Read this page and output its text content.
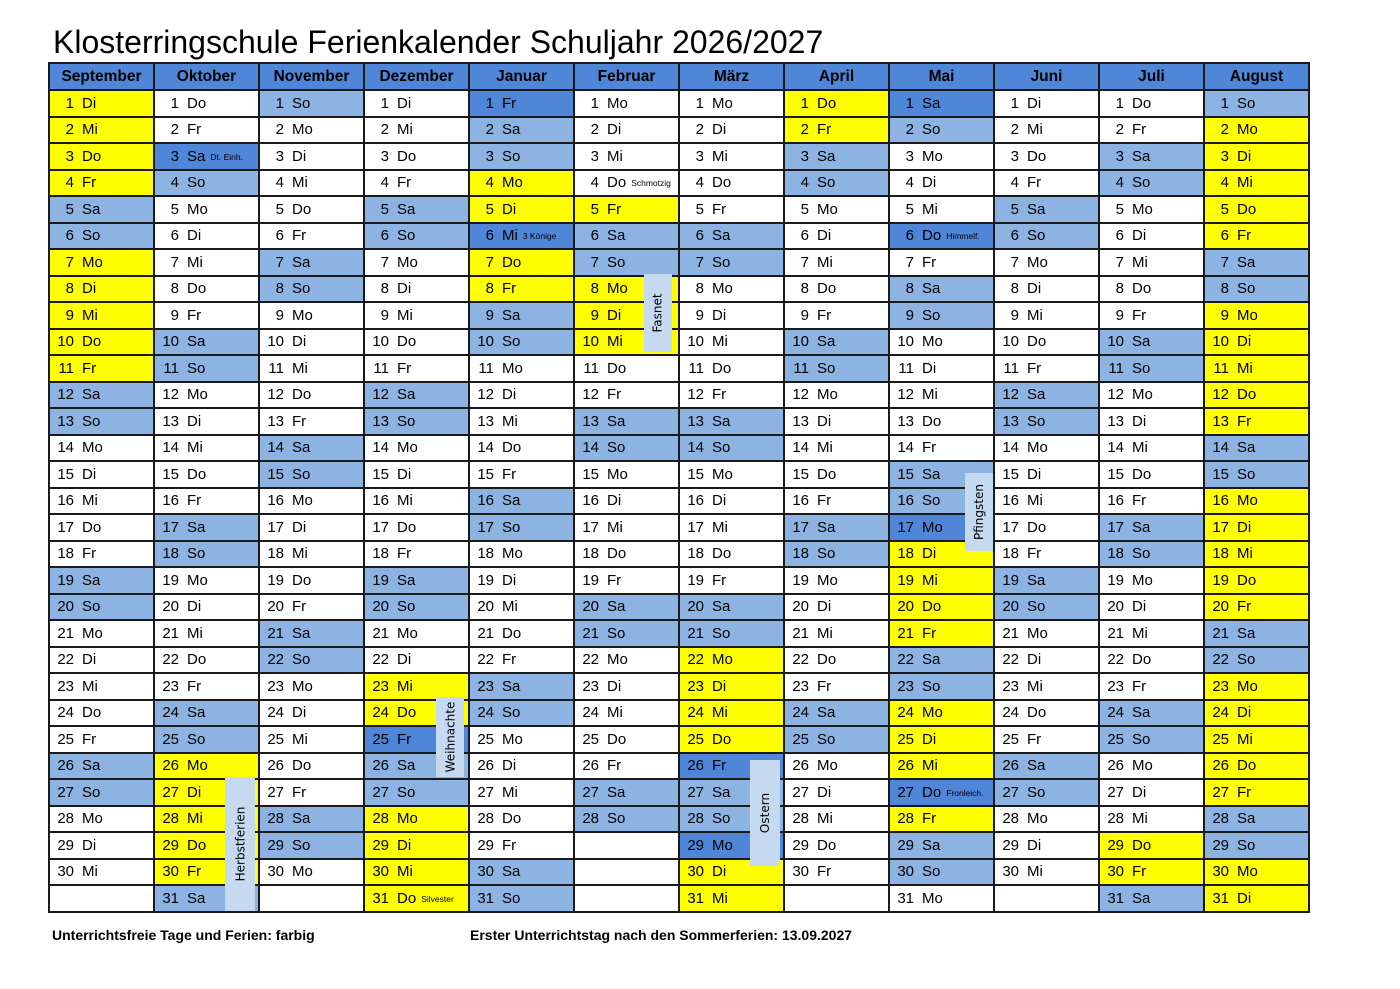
Klosterringschule Ferienkalender Schuljahr 2026/2027
September	Oktober	November	Dezember	Januar	Februar	März	April	Mai	Juni	Juli	August
1 Di	1 Do	1 So	1 Di	1 Fr	1 Mo	1 Mo	1 Do	1 Sa	1 Di	1 Do	1 So
2 Mi	2 Fr	2 Mo	2 Mi	2 Sa	2 Di	2 Di	2 Fr	2 So	2 Mi	2 Fr	2 Mo
3 Do	3 Sa Dt. Einh.	3 Di	3 Do	3 So	3 Mi	3 Mi	3 Sa	3 Mo	3 Do	3 Sa	3 Di
4 Fr	4 So	4 Mi	4 Fr	4 Mo	4 Do Schmotzig	4 Do	4 So	4 Di	4 Fr	4 So	4 Mi
5 Sa	5 Mo	5 Do	5 Sa	5 Di	5 Fr	5 Fr	5 Mo	5 Mi	5 Sa	5 Mo	5 Do
6 So	6 Di	6 Fr	6 So	6 Mi 3 Könige	6 Sa	6 Sa	6 Di	6 Do Himmelf.	6 So	6 Di	6 Fr
7 Mo	7 Mi	7 Sa	7 Mo	7 Do	7 So	7 So	7 Mi	7 Fr	7 Mo	7 Mi	7 Sa
8 Di	8 Do	8 So	8 Di	8 Fr	8 Mo	8 Mo	8 Do	8 Sa	8 Di	8 Do	8 So
9 Mi	9 Fr	9 Mo	9 Mi	9 Sa	9 Di	9 Di	9 Fr	9 So	9 Mi	9 Fr	9 Mo
10 Do	10 Sa	10 Di	10 Do	10 So	10 Mi	10 Mi	10 Sa	10 Mo	10 Do	10 Sa	10 Di
11 Fr	11 So	11 Mi	11 Fr	11 Mo	11 Do	11 Do	11 So	11 Di	11 Fr	11 So	11 Mi
12 Sa	12 Mo	12 Do	12 Sa	12 Di	12 Fr	12 Fr	12 Mo	12 Mi	12 Sa	12 Mo	12 Do
13 So	13 Di	13 Fr	13 So	13 Mi	13 Sa	13 Sa	13 Di	13 Do	13 So	13 Di	13 Fr
14 Mo	14 Mi	14 Sa	14 Mo	14 Do	14 So	14 So	14 Mi	14 Fr	14 Mo	14 Mi	14 Sa
15 Di	15 Do	15 So	15 Di	15 Fr	15 Mo	15 Mo	15 Do	15 Sa	15 Di	15 Do	15 So
16 Mi	16 Fr	16 Mo	16 Mi	16 Sa	16 Di	16 Di	16 Fr	16 So	16 Mi	16 Fr	16 Mo
17 Do	17 Sa	17 Di	17 Do	17 So	17 Mi	17 Mi	17 Sa	17 Mo	17 Do	17 Sa	17 Di
18 Fr	18 So	18 Mi	18 Fr	18 Mo	18 Do	18 Do	18 So	18 Di	18 Fr	18 So	18 Mi
19 Sa	19 Mo	19 Do	19 Sa	19 Di	19 Fr	19 Fr	19 Mo	19 Mi	19 Sa	19 Mo	19 Do
20 So	20 Di	20 Fr	20 So	20 Mi	20 Sa	20 Sa	20 Di	20 Do	20 So	20 Di	20 Fr
21 Mo	21 Mi	21 Sa	21 Mo	21 Do	21 So	21 So	21 Mi	21 Fr	21 Mo	21 Mi	21 Sa
22 Di	22 Do	22 So	22 Di	22 Fr	22 Mo	22 Mo	22 Do	22 Sa	22 Di	22 Do	22 So
23 Mi	23 Fr	23 Mo	23 Mi	23 Sa	23 Di	23 Di	23 Fr	23 So	23 Mi	23 Fr	23 Mo
24 Do	24 Sa	24 Di	24 Do	24 So	24 Mi	24 Mi	24 Sa	24 Mo	24 Do	24 Sa	24 Di
25 Fr	25 So	25 Mi	25 Fr	25 Mo	25 Do	25 Do	25 So	25 Di	25 Fr	25 So	25 Mi
26 Sa	26 Mo	26 Do	26 Sa	26 Di	26 Fr	26 Fr	26 Mo	26 Mi	26 Sa	26 Mo	26 Do
27 So	27 Di	27 Fr	27 So	27 Mi	27 Sa	27 Sa	27 Di	27 Do Fronleich.	27 So	27 Di	27 Fr
28 Mo	28 Mi	28 Sa	28 Mo	28 Do	28 So	28 So	28 Mi	28 Fr	28 Mo	28 Mi	28 Sa
29 Di	29 Do	29 So	29 Di	29 Fr		29 Mo	29 Do	29 Sa	29 Di	29 Do	29 So
30 Mi	30 Fr	30 Mo	30 Mi	30 Sa		30 Di	30 Fr	30 So	30 Mi	30 Fr	30 Mo
	31 Sa		31 Do Silvester	31 So		31 Mi		31 Mo		31 Sa	31 Di
Fasnet
Pfingsten
Weihnachte
Ostern
Herbstferien
Unterrichtsfreie Tage und Ferien: farbig	Erster Unterrichtstag nach den Sommerferien: 13.09.2027
